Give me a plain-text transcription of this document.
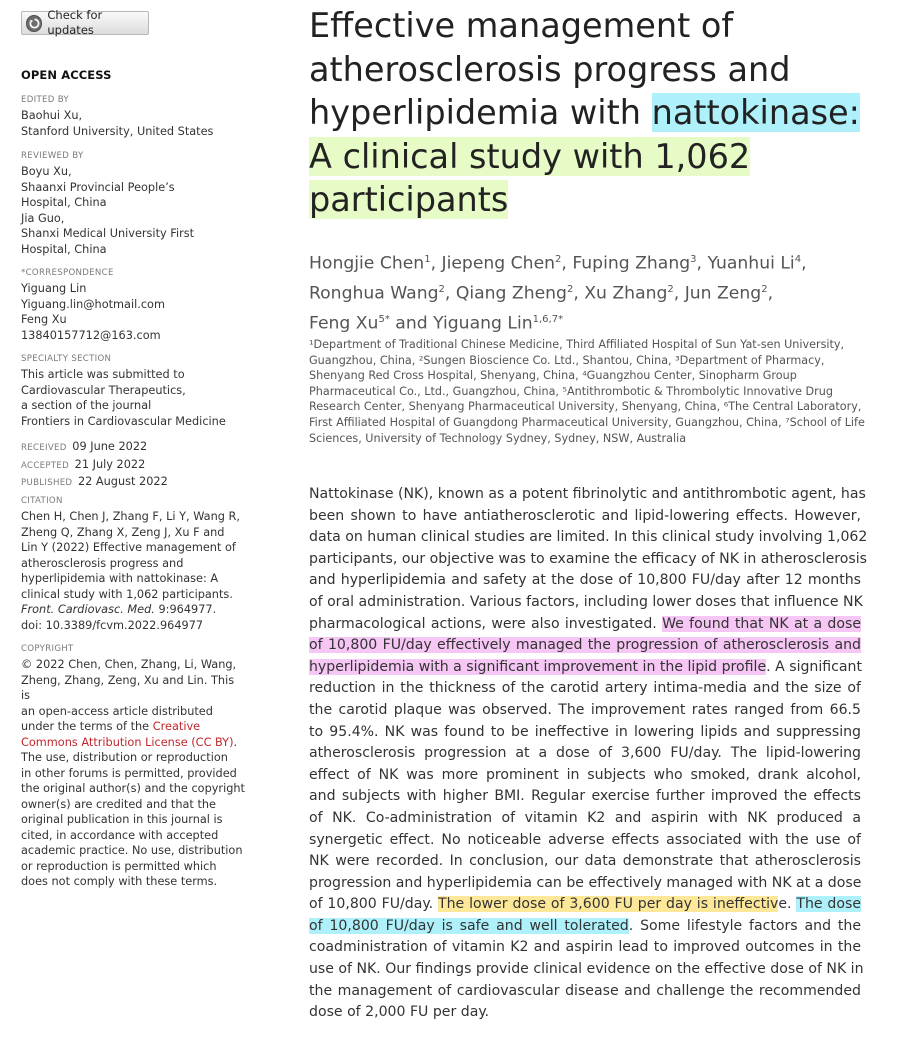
Check for updates
OPEN ACCESS
EDITED BY
Baohui Xu,
Stanford University, United States
REVIEWED BY
Boyu Xu,
Shaanxi Provincial People’s
Hospital, China
Jia Guo,
Shanxi Medical University First
Hospital, China
*CORRESPONDENCE
Yiguang Lin
Yiguang.lin@hotmail.com
Feng Xu
13840157712@163.com
SPECIALTY SECTION
This article was submitted to
Cardiovascular Therapeutics,
a section of the journal
Frontiers in Cardiovascular Medicine
RECEIVED 09 June 2022
ACCEPTED 21 July 2022
PUBLISHED 22 August 2022
CITATION
Chen H, Chen J, Zhang F, Li Y, Wang R,
Zheng Q, Zhang X, Zeng J, Xu F and
Lin Y (2022) Effective management of
atherosclerosis progress and
hyperlipidemia with nattokinase: A
clinical study with 1,062 participants.
Front. Cardiovasc. Med. 9:964977.
doi: 10.3389/fcvm.2022.964977
COPYRIGHT
© 2022 Chen, Chen, Zhang, Li, Wang,
Zheng, Zhang, Zeng, Xu and Lin. This is
an open-access article distributed
under the terms of the Creative
Commons Attribution License (CC BY).
The use, distribution or reproduction
in other forums is permitted, provided
the original author(s) and the copyright
owner(s) are credited and that the
original publication in this journal is
cited, in accordance with accepted
academic practice. No use, distribution
or reproduction is permitted which
does not comply with these terms.
Effective management of
atherosclerosis progress and
hyperlipidemia with nattokinase:
A clinical study with 1,062
participants
Hongjie Chen$^1$, Jiepeng Chen$^2$, Fuping Zhang$^3$, Yuanhui Li$^4$,
Ronghua Wang$^2$, Qiang Zheng$^2$, Xu Zhang$^2$, Jun Zeng$^2$,
Feng $Xu^{5*}$ and Yiguang Lin$^{1,6,7*}$
¹Department of Traditional Chinese Medicine, Third Affiliated Hospital of Sun Yat-sen University,
Guangzhou, China, ²Sungen Bioscience Co. Ltd., Shantou, China, ³Department of Pharmacy,
Shenyang Red Cross Hospital, Shenyang, China, ⁴Guangzhou Center, Sinopharm Group
Pharmaceutical Co., Ltd., Guangzhou, China, ⁵Antithrombotic & Thrombolytic Innovative Drug
Research Center, Shenyang Pharmaceutical University, Shenyang, China, ⁶The Central Laboratory,
First Affiliated Hospital of Guangdong Pharmaceutical University, Guangzhou, China, ⁷School of Life
Sciences, University of Technology Sydney, Sydney, NSW, Australia
Nattokinase (NK), known as a potent fibrinolytic and antithrombotic agent, has
been shown to have antiatherosclerotic and lipid-lowering effects. However,
data on human clinical studies are limited. In this clinical study involving 1,062
participants, our objective was to examine the efficacy of NK in atherosclerosis
and hyperlipidemia and safety at the dose of 10,800 FU/day after 12 months
of oral administration. Various factors, including lower doses that influence NK
pharmacological actions, were also investigated. We found that NK at a dose
of 10,800 FU/day effectively managed the progression of atherosclerosis and
hyperlipidemia with a significant improvement in the lipid profile. A significant
reduction in the thickness of the carotid artery intima-media and the size of
the carotid plaque was observed. The improvement rates ranged from 66.5
to 95.4%. NK was found to be ineffective in lowering lipids and suppressing
atherosclerosis progression at a dose of 3,600 FU/day. The lipid-lowering
effect of NK was more prominent in subjects who smoked, drank alcohol,
and subjects with higher BMI. Regular exercise further improved the effects
of NK. Co-administration of vitamin K2 and aspirin with NK produced a
synergetic effect. No noticeable adverse effects associated with the use of
NK were recorded. In conclusion, our data demonstrate that atherosclerosis
progression and hyperlipidemia can be effectively managed with NK at a dose
of 10,800 FU/day. The lower dose of 3,600 FU per day is ineffective. The dose
of 10,800 FU/day is safe and well tolerated. Some lifestyle factors and the
coadministration of vitamin K2 and aspirin lead to improved outcomes in the
use of NK. Our findings provide clinical evidence on the effective dose of NK in
the management of cardiovascular disease and challenge the recommended
dose of 2,000 FU per day.
